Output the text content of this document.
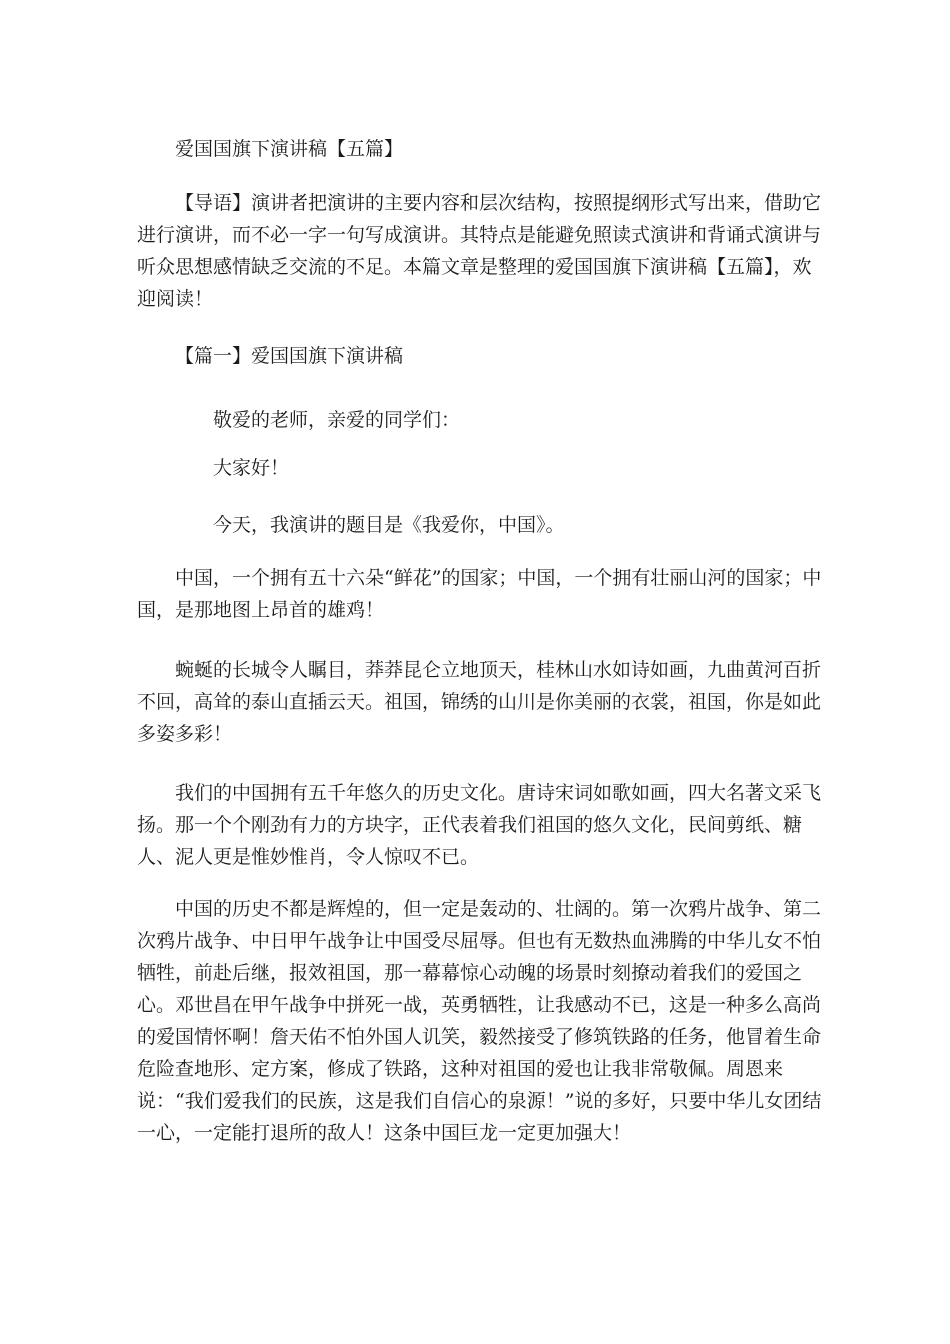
爱国国旗下演讲稿【五篇】

【导语】演讲者把演讲的主要内容和层次结构，按照提纲形式写出来，借助它进行演讲，而不必一字一句写成演讲。其特点是能避免照读式演讲和背诵式演讲与听众思想感情缺乏交流的不足。本篇文章是整理的爱国国旗下演讲稿【五篇】，欢迎阅读！

【篇一】爱国国旗下演讲稿

敬爱的老师，亲爱的同学们：

大家好！

今天，我演讲的题目是《我爱你，中国》。

中国，一个拥有五十六朵“鲜花”的国家；中国，一个拥有壮丽山河的国家；中国，是那地图上昂首的雄鸡！

蜿蜒的长城令人瞩目，莽莽昆仑立地顶天，桂林山水如诗如画，九曲黄河百折不回，高耸的泰山直插云天。祖国，锦绣的山川是你美丽的衣裳，祖国，你是如此多姿多彩！

我们的中国拥有五千年悠久的历史文化。唐诗宋词如歌如画，四大名著文采飞扬。那一个个刚劲有力的方块字，正代表着我们祖国的悠久文化，民间剪纸、糖人、泥人更是惟妙惟肖，令人惊叹不已。

中国的历史不都是辉煌的，但一定是轰动的、壮阔的。第一次鸦片战争、第二次鸦片战争、中日甲午战争让中国受尽屈辱。但也有无数热血沸腾的中华儿女不怕牺牲，前赴后继，报效祖国，那一幕幕惊心动魄的场景时刻撩动着我们的爱国之心。邓世昌在甲午战争中拼死一战，英勇牺牲，让我感动不已，这是一种多么高尚的爱国情怀啊！詹天佑不怕外国人讥笑，毅然接受了修筑铁路的任务，他冒着生命危险查地形、定方案，修成了铁路，这种对祖国的爱也让我非常敬佩。周恩来说：“我们爱我们的民族，这是我们自信心的泉源！”说的多好，只要中华儿女团结一心，一定能打退所的敌人！这条中国巨龙一定更加强大！
